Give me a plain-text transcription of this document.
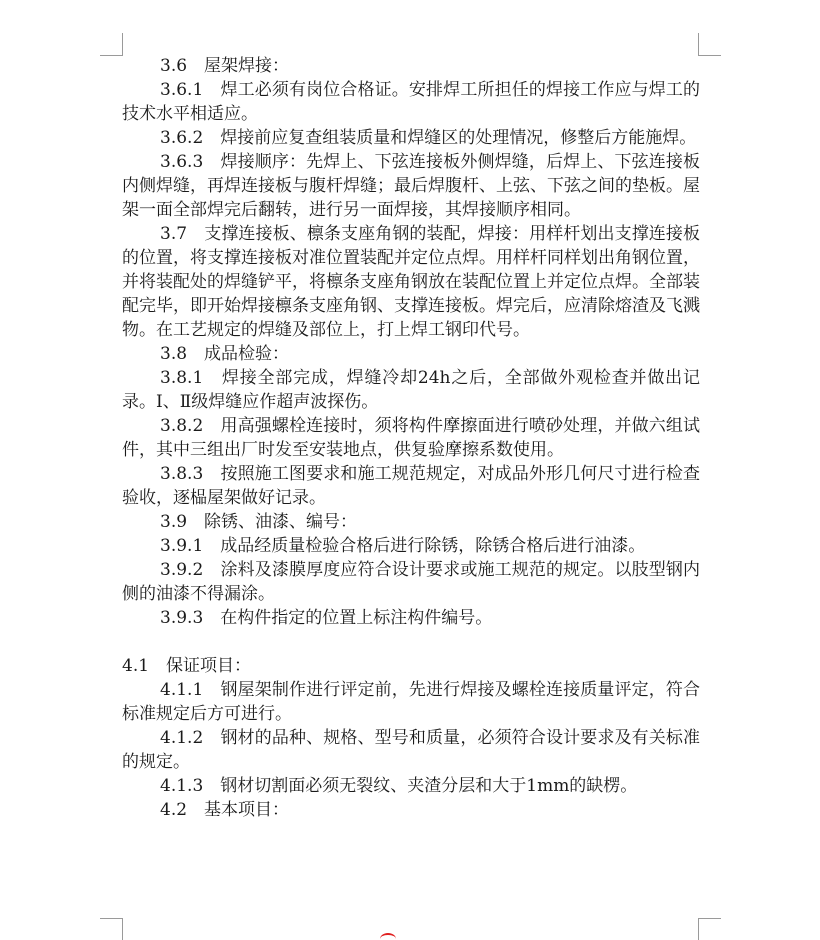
3.6　屋架焊接：

3.6.1　焊工必须有岗位合格证。安排焊工所担任的焊接工作应与焊工的技术水平相适应。

3.6.2　焊接前应复查组装质量和焊缝区的处理情况，修整后方能施焊。

3.6.3　焊接顺序：先焊上、下弦连接板外侧焊缝，后焊上、下弦连接板内侧焊缝，再焊连接板与腹杆焊缝；最后焊腹杆、上弦、下弦之间的垫板。屋架一面全部焊完后翻转，进行另一面焊接，其焊接顺序相同。

3.7　支撑连接板、檩条支座角钢的装配，焊接：用样杆划出支撑连接板的位置，将支撑连接板对准位置装配并定位点焊。用样杆同样划出角钢位置，并将装配处的焊缝铲平，将檩条支座角钢放在装配位置上并定位点焊。全部装配完毕，即开始焊接檩条支座角钢、支撑连接板。焊完后，应清除熔渣及飞溅物。在工艺规定的焊缝及部位上，打上焊工钢印代号。

3.8　成品检验：

3.8.1　焊接全部完成，焊缝冷却24h之后，全部做外观检查并做出记录。Ⅰ、Ⅱ级焊缝应作超声波探伤。

3.8.2　用高强螺栓连接时，须将构件摩擦面进行喷砂处理，并做六组试件，其中三组出厂时发至安装地点，供复验摩擦系数使用。

3.8.3　按照施工图要求和施工规范规定，对成品外形几何尺寸进行检查验收，逐榀屋架做好记录。

3.9　除锈、油漆、编号：

3.9.1　成品经质量检验合格后进行除锈，除锈合格后进行油漆。

3.9.2　涂料及漆膜厚度应符合设计要求或施工规范的规定。以肢型钢内侧的油漆不得漏涂。

3.9.3　在构件指定的位置上标注构件编号。

4.1　保证项目：

4.1.1　钢屋架制作进行评定前，先进行焊接及螺栓连接质量评定，符合标准规定后方可进行。

4.1.2　钢材的品种、规格、型号和质量，必须符合设计要求及有关标准的规定。

4.1.3　钢材切割面必须无裂纹、夹渣分层和大于1mm的缺楞。

4.2　基本项目：
